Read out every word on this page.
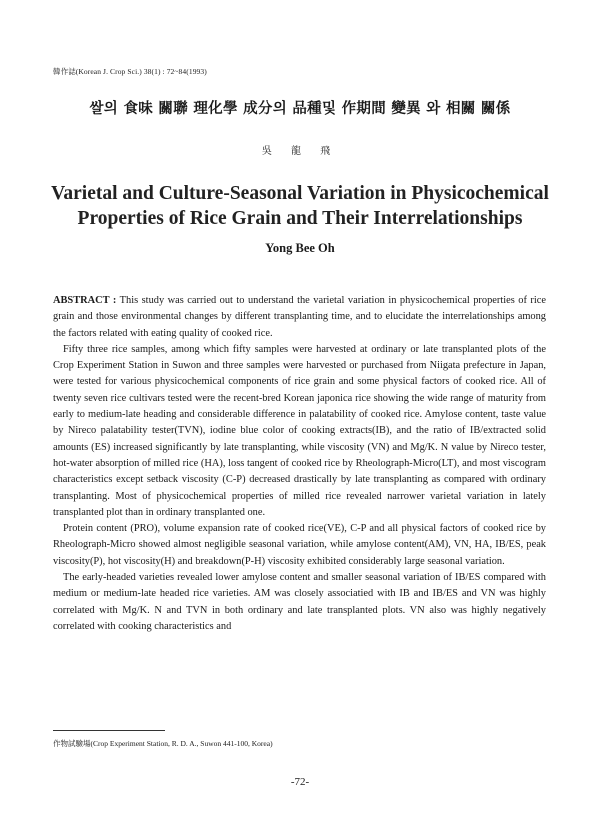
韓作誌(Korean J. Crop Sci.) 38(1) : 72~84(1993)
쌀의 食味 關聯 理化學 成分의 品種및 作期間 變異 와 相關 關係
吳 龍 飛
Varietal and Culture-Seasonal Variation in Physicochemical
Properties of Rice Grain and Their Interrelationships
Yong Bee Oh

ABSTRACT : This study was carried out to understand the varietal variation in physicochemical properties of rice grain and those environmental changes by different transplanting time, and to elucidate the interrelationships among the factors related with eating quality of cooked rice.

Fifty three rice samples, among which fifty samples were harvested at ordinary or late transplanted plots of the Crop Experiment Station in Suwon and three samples were harvested or purchased from Niigata prefecture in Japan, were tested for various physicochemical components of rice grain and some physical factors of cooked rice. All of twenty seven rice cultivars tested were the recent-bred Korean japonica rice showing the wide range of maturity from early to medium-late heading and considerable difference in palatability of cooked rice. Amylose content, taste value by Nireco palatability tester(TVN), iodine blue color of cooking extracts(IB), and the ratio of IB/extracted solid amounts (ES) increased significantly by late transplanting, while viscosity (VN) and Mg/K. N value by Nireco tester, hot-water absorption of milled rice (HA), loss tangent of cooked rice by Rheolograph-Micro(LT), and most viscogram characteristics except setback viscosity (C-P) decreased drastically by late transplanting as compared with ordinary transplanting. Most of physicochemical properties of milled rice revealed narrower varietal variation in lately transplanted plot than in ordinary transplanted one.

Protein content (PRO), volume expansion rate of cooked rice(VE), C-P and all physical factors of cooked rice by Rheolograph-Micro showed almost negligible seasonal variation, while amylose content(AM), VN, HA, IB/ES, peak viscosity(P), hot viscosity(H) and breakdown(P-H) viscosity exhibited considerably large seasonal variation.

The early-headed varieties revealed lower amylose content and smaller seasonal variation of IB/ES compared with medium or medium-late headed rice varieties. AM was closely associatied with IB and IB/ES and VN was highly correlated with Mg/K. N and TVN in both ordinary and late transplanted plots. VN also was highly negatively correlated with cooking characteristics and

作物試驗場(Crop Experiment Station, R. D. A., Suwon 441-100, Korea)
-72-
